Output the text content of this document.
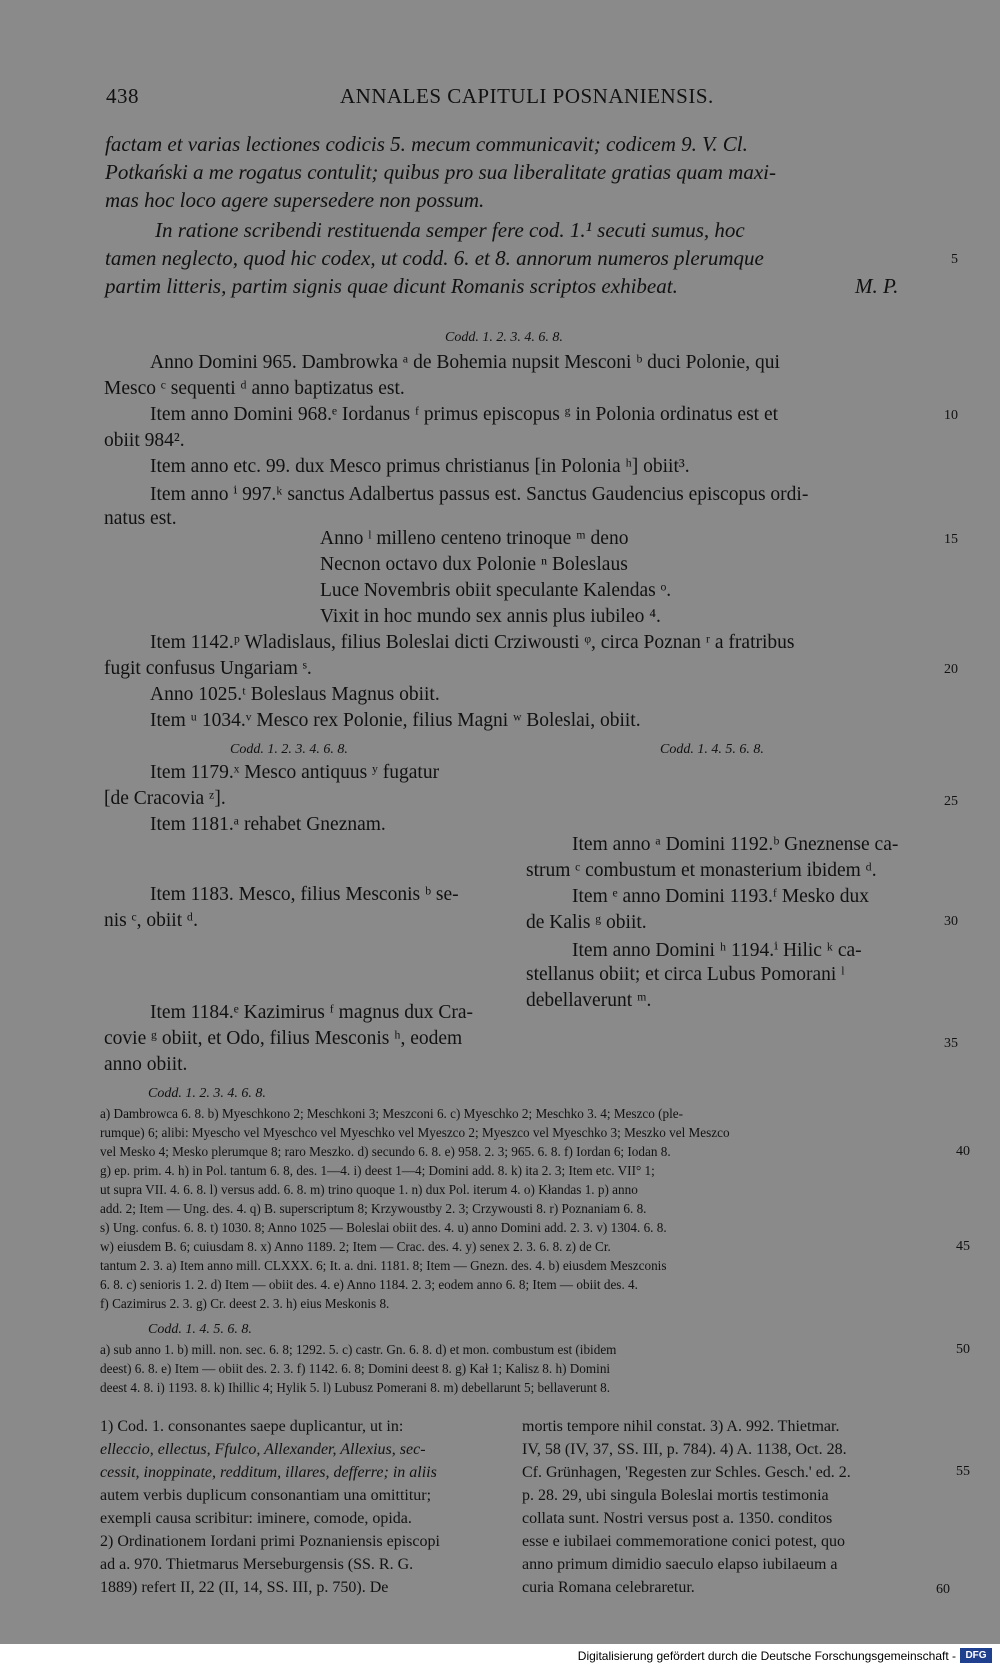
438	ANNALES CAPITULI POSNANIENSIS.
factam et varias lectiones codicis 5. mecum communicavit; codicem 9. V. Cl.
Potkański a me rogatus contulit; quibus pro sua liberalitate gratias quam maxi-
mas hoc loco agere supersedere non possum.
In ratione scribendi restituenda semper fere cod. 1.¹ secuti sumus, hoc
tamen neglecto, quod hic codex, ut codd. 6. et 8. annorum numeros plerumque
partim litteris, partim signis quae dicunt Romanis scriptos exhibeat.	M. P.
Codd. 1. 2. 3. 4. 6. 8.
Anno Domini 965. Dambrowka ᵃ de Bohemia nupsit Mesconi ᵇ duci Polonie, qui
Mesco ᶜ sequenti ᵈ anno baptizatus est.
Item anno Domini 968.ᵉ Iordanus ᶠ primus episcopus ᵍ in Polonia ordinatus est et
obiit 984².
Item anno etc. 99. dux Mesco primus christianus [in Polonia ʰ] obiit³.
Item anno ⁱ 997.ᵏ sanctus Adalbertus passus est. Sanctus Gaudencius episcopus ordi-
natus est.
Anno ˡ milleno centeno trinoque ᵐ deno
Necnon octavo dux Polonie ⁿ Boleslaus
Luce Novembris obiit speculante Kalendas ᵒ.
Vixit in hoc mundo sex annis plus iubileo ⁴.
Item 1142.ᵖ Wladislaus, filius Boleslai dicti Crziwousti ᵠ, circa Poznan ʳ a fratribus
fugit confusus Ungariam ˢ.
Anno 1025.ᵗ Boleslaus Magnus obiit.
Item ᵘ 1034.ᵛ Mesco rex Polonie, filius Magni ʷ Boleslai, obiit.
Codd. 1. 2. 3. 4. 6. 8.	Codd. 1. 4. 5. 6. 8.
Item 1179.ˣ Mesco antiquus ʸ fugatur
[de Cracovia ᶻ].
Item 1181.ᵃ rehabet Gneznam.
Item 1183. Mesco, filius Mesconis ᵇ se-
nis ᶜ, obiit ᵈ.
Item 1184.ᵉ Kazimirus ᶠ magnus dux Cra-
covie ᵍ obiit, et Odo, filius Mesconis ʰ, eodem
anno obiit.
Item anno ᵃ Domini 1192.ᵇ Gneznense ca-
strum ᶜ combustum et monasterium ibidem ᵈ.
Item ᵉ anno Domini 1193.ᶠ Mesko dux
de Kalis ᵍ obiit.
Item anno Domini ʰ 1194.ⁱ Hilic ᵏ ca-
stellanus obiit; et circa Lubus Pomorani ˡ
debellaverunt ᵐ.
Codd. 1. 2. 3. 4. 6. 8.
a) Dambrowca 6. 8. b) Myeschkono 2; Meschkoni 3; Meszconi 6. c) Myeschko 2; Meschko 3. 4; Meszco (ple-
rumque) 6; alibi: Myescho vel Myeschco vel Myeschko vel Myeszco 2; Myeszco vel Myeschko 3; Meszko vel Meszco
vel Mesko 4; Mesko plerumque 8; raro Meszko. d) secundo 6. 8. e) 958. 2. 3; 965. 6. 8. f) Iordan 6; Iodan 8.
g) ep. prim. 4. h) in Pol. tantum 6. 8, des. 1—4. i) deest 1—4; Domini add. 8. k) ita 2. 3; Item etc. VII° 1;
ut supra VII. 4. 6. 8. l) versus add. 6. 8. m) trino quoque 1. n) dux Pol. iterum 4. o) Kłandas 1. p) anno
add. 2; Item — Ung. des. 4. q) B. superscriptum 8; Krzywoustby 2. 3; Crzywousti 8. r) Poznaniam 6. 8.
s) Ung. confus. 6. 8. t) 1030. 8; Anno 1025 — Boleslai obiit des. 4. u) anno Domini add. 2. 3. v) 1304. 6. 8.
w) eiusdem B. 6; cuiusdam 8. x) Anno 1189. 2; Item — Crac. des. 4. y) senex 2. 3. 6. 8. z) de Cr.
tantum 2. 3. a) Item anno mill. CLXXX. 6; It. a. dni. 1181. 8; Item — Gnezn. des. 4. b) eiusdem Meszconis
6. 8. c) senioris 1. 2. d) Item — obiit des. 4. e) Anno 1184. 2. 3; eodem anno 6. 8; Item — obiit des. 4.
f) Cazimirus 2. 3. g) Cr. deest 2. 3. h) eius Meskonis 8.
Codd. 1. 4. 5. 6. 8.
a) sub anno 1. b) mill. non. sec. 6. 8; 1292. 5. c) castr. Gn. 6. 8. d) et mon. combustum est (ibidem
deest) 6. 8. e) Item — obiit des. 2. 3. f) 1142. 6. 8; Domini deest 8. g) Kał 1; Kalisz 8. h) Domini
deest 4. 8. i) 1193. 8. k) Ihillic 4; Hylik 5. l) Lubusz Pomerani 8. m) debellarunt 5; bellaverunt 8.
1) Cod. 1. consonantes saepe duplicantur, ut in:
elleccio, ellectus, Ffulco, Allexander, Allexius, sec-
cessit, inoppinate, redditum, illares, defferre; in aliis
autem verbis duplicum consonantiam una omittitur;
exempli causa scribitur: iminere, comode, opida.
2) Ordinationem Iordani primi Poznaniensis episcopi
ad a. 970. Thietmarus Merseburgensis (SS. R. G.
1889) refert II, 22 (II, 14, SS. III, p. 750). De
mortis tempore nihil constat. 3) A. 992. Thietmar.
IV, 58 (IV, 37, SS. III, p. 784). 4) A. 1138, Oct. 28.
Cf. Grünhagen, 'Regesten zur Schles. Gesch.' ed. 2.
p. 28. 29, ubi singula Boleslai mortis testimonia
collata sunt. Nostri versus post a. 1350. conditos
esse e iubilaei commemoratione conici potest, quo
anno primum dimidio saeculo elapso iubilaeum a
curia Romana celebraretur.
5
10
15
20
25
30
35
40
45
50
55
60
Digitalisierung gefördert durch die Deutsche Forschungsgemeinschaft - DFG
